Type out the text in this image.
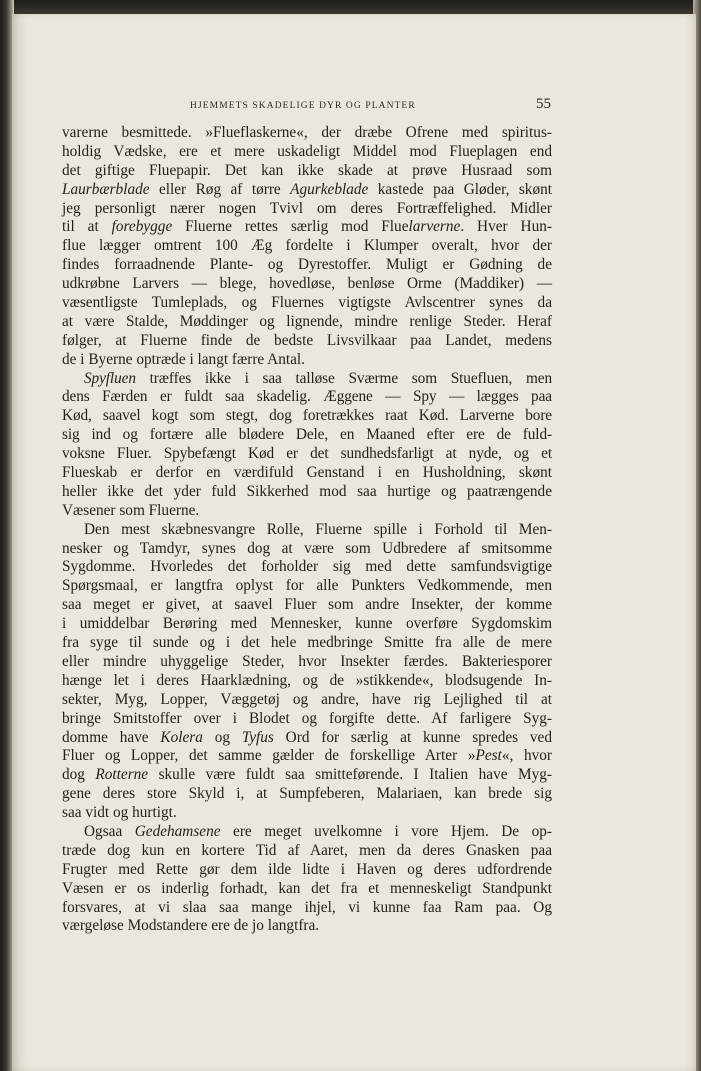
HJEMMETS SKADELIGE DYR OG PLANTER	55
varerne besmittede. »Flueflaskerne«, der dræbe Ofrene med spiritus-
holdig Vædske, ere et mere uskadeligt Middel mod Flueplagen end
det giftige Fluepapir. Det kan ikke skade at prøve Husraad som
Laurbærblade eller Røg af tørre Agurkeblade kastede paa Gløder, skønt
jeg personligt nærer nogen Tvivl om deres Fortræffelighed. Midler
til at forebygge Fluerne rettes særlig mod Fluelarverne. Hver Hun-
flue lægger omtrent 100 Æg fordelte i Klumper overalt, hvor der
findes forraadnende Plante- og Dyrestoffer. Muligt er Gødning de
udkrøbne Larvers — blege, hovedløse, benløse Orme (Maddiker) —
væsentligste Tumleplads, og Fluernes vigtigste Avlscentrer synes da
at være Stalde, Møddinger og lignende, mindre renlige Steder. Heraf
følger, at Fluerne finde de bedste Livsvilkaar paa Landet, medens
de i Byerne optræde i langt færre Antal.
Spyfluen træffes ikke i saa talløse Sværme som Stuefluen, men
dens Færden er fuldt saa skadelig. Æggene — Spy — lægges paa
Kød, saavel kogt som stegt, dog foretrækkes raat Kød. Larverne bore
sig ind og fortære alle blødere Dele, en Maaned efter ere de fuld-
voksne Fluer. Spybefængt Kød er det sundhedsfarligt at nyde, og et
Flueskab er derfor en værdifuld Genstand i en Husholdning, skønt
heller ikke det yder fuld Sikkerhed mod saa hurtige og paatrængende
Væsener som Fluerne.
Den mest skæbnesvangre Rolle, Fluerne spille i Forhold til Men-
nesker og Tamdyr, synes dog at være som Udbredere af smitsomme
Sygdomme. Hvorledes det forholder sig med dette samfundsvigtige
Spørgsmaal, er langtfra oplyst for alle Punkters Vedkommende, men
saa meget er givet, at saavel Fluer som andre Insekter, der komme
i umiddelbar Berøring med Mennesker, kunne overføre Sygdomskim
fra syge til sunde og i det hele medbringe Smitte fra alle de mere
eller mindre uhyggelige Steder, hvor Insekter færdes. Bakteriesporer
hænge let i deres Haarklædning, og de »stikkende«, blodsugende In-
sekter, Myg, Lopper, Væggetøj og andre, have rig Lejlighed til at
bringe Smitstoffer over i Blodet og forgifte dette. Af farligere Syg-
domme have Kolera og Tyfus Ord for særlig at kunne spredes ved
Fluer og Lopper, det samme gælder de forskellige Arter »Pest«, hvor
dog Rotterne skulle være fuldt saa smitteførende. I Italien have Myg-
gene deres store Skyld i, at Sumpfeberen, Malariaen, kan brede sig
saa vidt og hurtigt.
Ogsaa Gedehamsene ere meget uvelkomne i vore Hjem. De op-
træde dog kun en kortere Tid af Aaret, men da deres Gnasken paa
Frugter med Rette gør dem ilde lidte i Haven og deres udfordrende
Væsen er os inderlig forhadt, kan det fra et menneskeligt Standpunkt
forsvares, at vi slaa saa mange ihjel, vi kunne faa Ram paa. Og
værgeløse Modstandere ere de jo langtfra.
